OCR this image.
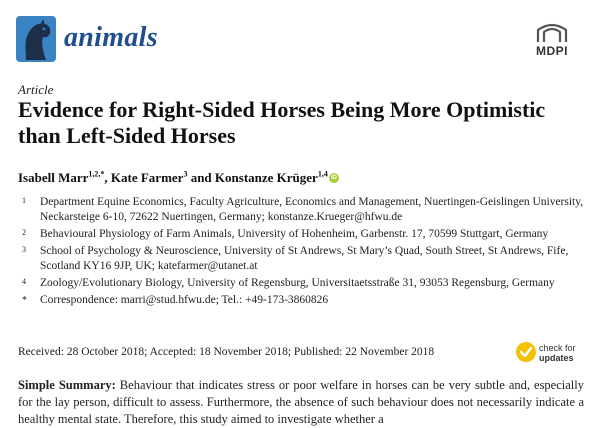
animals	MDPI
Article
Evidence for Right-Sided Horses Being More Optimistic than Left-Sided Horses
Isabell Marr$^{1,2,*}$, Kate Farmer$^3$ and Konstanze Krüger$^{1,4}$ iD
1 Department Equine Economics, Faculty Agriculture, Economics and Management, Nuertingen-Geislingen University, Neckarsteige 6-10, 72622 Nuertingen, Germany; konstanze.Krueger@hfwu.de
2 Behavioural Physiology of Farm Animals, University of Hohenheim, Garbenstr. 17, 70599 Stuttgart, Germany
3 School of Psychology & Neuroscience, University of St Andrews, St Mary’s Quad, South Street, St Andrews, Fife, Scotland KY16 9JP, UK; katefarmer@utanet.at
4 Zoology/Evolutionary Biology, University of Regensburg, Universitaetsstraße 31, 93053 Regensburg, Germany
* Correspondence: marri@stud.hfwu.de; Tel.: +49-173-3860826
Received: 28 October 2018; Accepted: 18 November 2018; Published: 22 November 2018	check for
updates
Simple Summary: Behaviour that indicates stress or poor welfare in horses can be very subtle and, especially for the lay person, difficult to assess. Furthermore, the absence of such behaviour does not necessarily indicate a healthy mental state. Therefore, this study aimed to investigate whether a
